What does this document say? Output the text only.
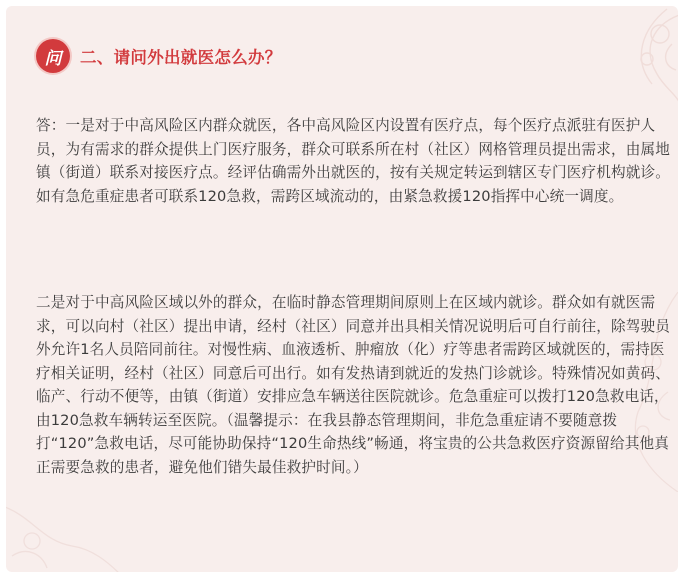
问	二、请问外出就医怎么办？

答：一是对于中高风险区内群众就医，各中高风险区内设置有医疗点，每个医疗点派驻有医护人员，为有需求的群众提供上门医疗服务，群众可联系所在村（社区）网格管理员提出需求，由属地镇（街道）联系对接医疗点。经评估确需外出就医的，按有关规定转运到辖区专门医疗机构就诊。如有急危重症患者可联系120急救，需跨区域流动的，由紧急救援120指挥中心统一调度。

二是对于中高风险区域以外的群众，在临时静态管理期间原则上在区域内就诊。群众如有就医需求，可以向村（社区）提出申请，经村（社区）同意并出具相关情况说明后可自行前往，除驾驶员外允许1名人员陪同前往。对慢性病、血液透析、肿瘤放（化）疗等患者需跨区域就医的，需持医疗相关证明，经村（社区）同意后可出行。如有发热请到就近的发热门诊就诊。特殊情况如黄码、临产、行动不便等，由镇（街道）安排应急车辆送往医院就诊。危急重症可以拨打120急救电话，由120急救车辆转运至医院。（温馨提示：在我县静态管理期间，非危急重症请不要随意拨打“120”急救电话，尽可能协助保持“120生命热线”畅通，将宝贵的公共急救医疗资源留给其他真正需要急救的患者，避免他们错失最佳救护时间。）
